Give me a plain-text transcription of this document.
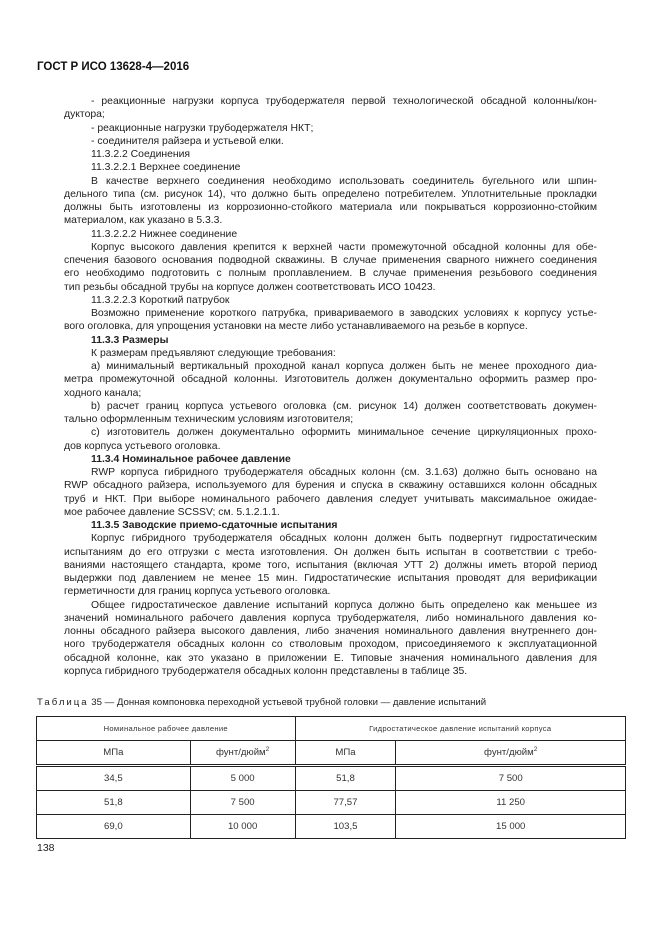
ГОСТ Р ИСО 13628-4—2016
- реакционные нагрузки корпуса трубодержателя первой технологической обсадной колонны/кон-
дуктора;
- реакционные нагрузки трубодержателя НКТ;
- соединителя райзера и устьевой елки.
11.3.2.2 Соединения
11.3.2.2.1 Верхнее соединение
В качестве верхнего соединения необходимо использовать соединитель бугельного или шпин-
дельного типа (см. рисунок 14), что должно быть определено потребителем. Уплотнительные прокладки
должны быть изготовлены из коррозионно-стойкого материала или покрываться коррозионно-стойким
материалом, как указано в 5.3.3.
11.3.2.2.2 Нижнее соединение
Корпус высокого давления крепится к верхней части промежуточной обсадной колонны для обе-
спечения базового основания подводной скважины. В случае применения сварного нижнего соединения
его необходимо подготовить с полным проплавлением. В случае применения резьбового соединения
тип резьбы обсадной трубы на корпусе должен соответствовать ИСО 10423.
11.3.2.2.3 Короткий патрубок
Возможно применение короткого патрубка, привариваемого в заводских условиях к корпусу устье-
вого оголовка, для упрощения установки на месте либо устанавливаемого на резьбе в корпусе.
11.3.3 Размеры
К размерам предъявляют следующие требования:
a) минимальный вертикальный проходной канал корпуса должен быть не менее проходного диа-
метра промежуточной обсадной колонны. Изготовитель должен документально оформить размер про-
ходного канала;
b) расчет границ корпуса устьевого оголовка (см. рисунок 14) должен соответствовать докумен-
тально оформленным техническим условиям изготовителя;
c) изготовитель должен документально оформить минимальное сечение циркуляционных прохо-
дов корпуса устьевого оголовка.
11.3.4 Номинальное рабочее давление
RWP корпуса гибридного трубодержателя обсадных колонн (см. 3.1.63) должно быть основано на
RWP обсадного райзера, используемого для бурения и спуска в скважину оставшихся колонн обсадных
труб и НКТ. При выборе номинального рабочего давления следует учитывать максимальное ожидае-
мое рабочее давление SCSSV; см. 5.1.2.1.1.
11.3.5 Заводские приемо-сдаточные испытания
Корпус гибридного трубодержателя обсадных колонн должен быть подвергнут гидростатическим
испытаниям до его отгрузки с места изготовления. Он должен быть испытан в соответствии с требо-
ваниями настоящего стандарта, кроме того, испытания (включая УТТ 2) должны иметь второй период
выдержки под давлением не менее 15 мин. Гидростатические испытания проводят для верификации
герметичности для границ корпуса устьевого оголовка.
Общее гидростатическое давление испытаний корпуса должно быть определено как меньшее из
значений номинального рабочего давления корпуса трубодержателя, либо номинального давления ко-
лонны обсадного райзера высокого давления, либо значения номинального давления внутреннего дон-
ного трубодержателя обсадных колонн со стволовым проходом, присоединяемого к эксплуатационной
обсадной колонне, как это указано в приложении Е. Типовые значения номинального давления для
корпуса гибридного трубодержателя обсадных колонн представлены в таблице 35.
Таблица 35 — Донная компоновка переходной устьевой трубной головки — давление испытаний
Номинальное рабочее давление		Гидростатическое давление испытаний корпуса	
МПа	фунт/дюйм$^2$	МПа	фунт/дюйм$^2$
34,5	5 000	51,8	7 500
51,8	7 500	77,57	11 250
69,0	10 000	103,5	15 000
138
